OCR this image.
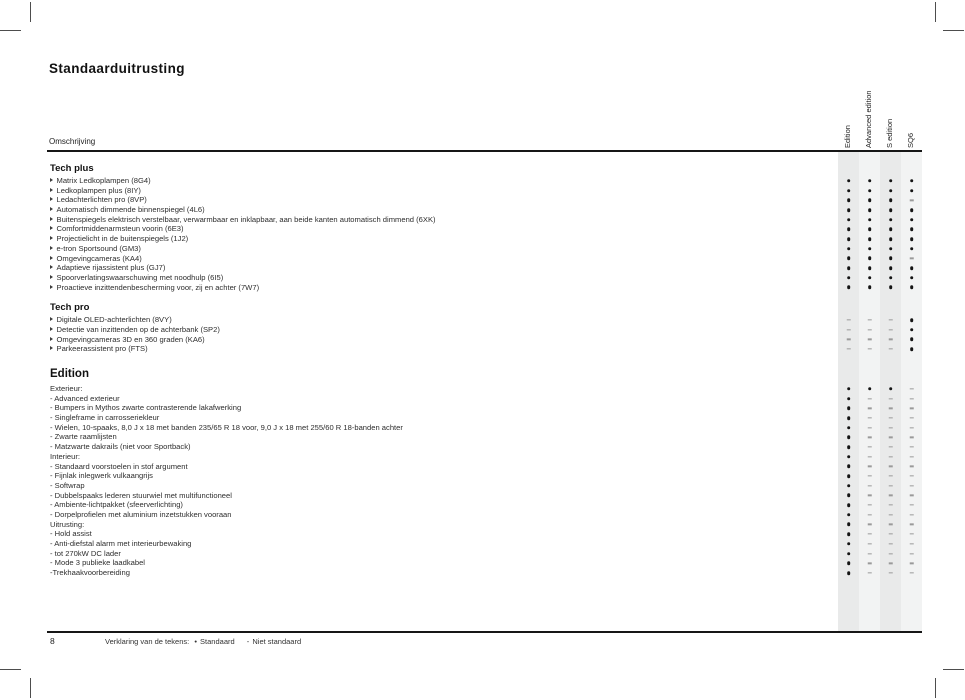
Standaarduitrusting
Edition Advanced edition S edition SQ6
Omschrijving
Tech plus
Matrix Ledkoplampen (8G4)
Ledkoplampen plus (8IY)
Ledachterlichten pro (8VP)
Automatisch dimmende binnenspiegel (4L6)
Buitenspiegels elektrisch verstelbaar, verwarmbaar en inklapbaar, aan beide kanten automatisch dimmend (6XK)
Comfortmiddenarmsteun voorin (6E3)
Projectielicht in de buitenspiegels (1J2)
e-tron Sportsound (GM3)
Omgevingcameras (KA4)
Adaptieve rijassistent plus (GJ7)
Spoorverlatingswaarschuwing met noodhulp (6I5)
Proactieve inzittendenbescherming voor, zij en achter (7W7)
Tech pro
Digitale OLED-achterlichten (8VY)
Detectie van inzittenden op de achterbank (SP2)
Omgevingcameras 3D en 360 graden (KA6)
Parkeerassistent pro (FTS)
Edition
Exterieur:
- Advanced exterieur
- Bumpers in Mythos zwarte contrasterende lakafwerking
- Singleframe in carrosseriekleur
- Wielen, 10-spaaks, 8,0 J x 18 met banden 235/65 R 18 voor, 9,0 J x 18 met 255/60 R 18-banden achter
- Zwarte raamlijsten
- Matzwarte dakrails (niet voor Sportback)
Interieur:
- Standaard voorstoelen in stof argument
- Fijnlak inlegwerk vulkaangrijs
- Softwrap
- Dubbelspaaks lederen stuurwiel met multifunctioneel
- Ambiente-lichtpakket (sfeerverlichting)
- Dorpelprofielen met aluminium inzetstukken vooraan
Uitrusting:
- Hold assist
- Anti-diefstal alarm met interieurbewaking
- tot 270kW DC lader
- Mode 3 publieke laadkabel
-Trekhaakvoorbereiding
8	Verklaring van de tekens: • Standaard - Niet standaard
